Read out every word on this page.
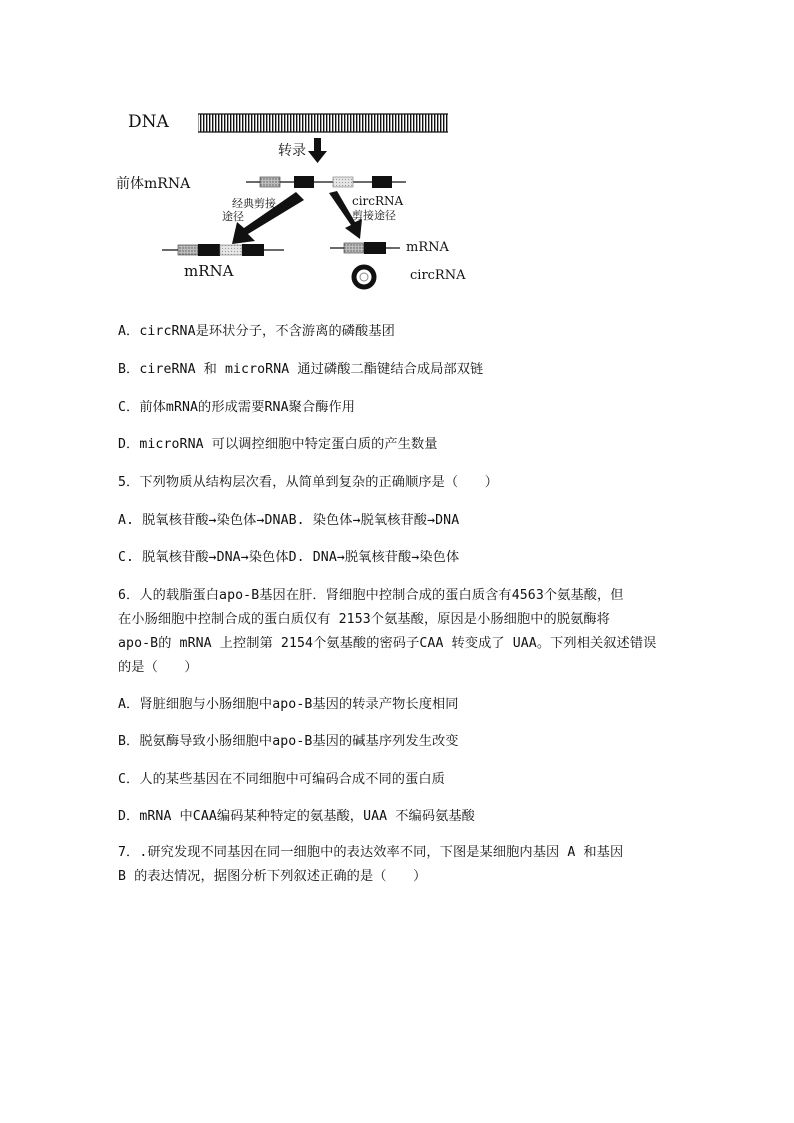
DNA
转录
前体mRNA
经典剪接
途径
circRNA
剪接途径
mRNA
mRNA
circRNA
A．circRNA是环状分子，不含游离的磷酸基团
B．cireRNA 和 microRNA 通过磷酸二酯键结合成局部双链
C．前体mRNA的形成需要RNA聚合酶作用
D．microRNA 可以调控细胞中特定蛋白质的产生数量
5．下列物质从结构层次看，从简单到复杂的正确顺序是（　　）
A. 脱氧核苷酸→染色体→DNAB. 染色体→脱氧核苷酸→DNA
C. 脱氧核苷酸→DNA→染色体D. DNA→脱氧核苷酸→染色体
6．人的载脂蛋白apo-B基因在肝．肾细胞中控制合成的蛋白质含有4563个氨基酸，但
在小肠细胞中控制合成的蛋白质仅有 2153个氨基酸，原因是小肠细胞中的脱氨酶将
apo-B的 mRNA 上控制第 2154个氨基酸的密码子CAA 转变成了 UAA。下列相关叙述错误
的是（　　）
A．肾脏细胞与小肠细胞中apo-B基因的转录产物长度相同
B．脱氨酶导致小肠细胞中apo-B基因的碱基序列发生改变
C．人的某些基因在不同细胞中可编码合成不同的蛋白质
D．mRNA 中CAA编码某种特定的氨基酸，UAA 不编码氨基酸
7．.研究发现不同基因在同一细胞中的表达效率不同，下图是某细胞内基因 A 和基因
B 的表达情况，据图分析下列叙述正确的是（　　）
